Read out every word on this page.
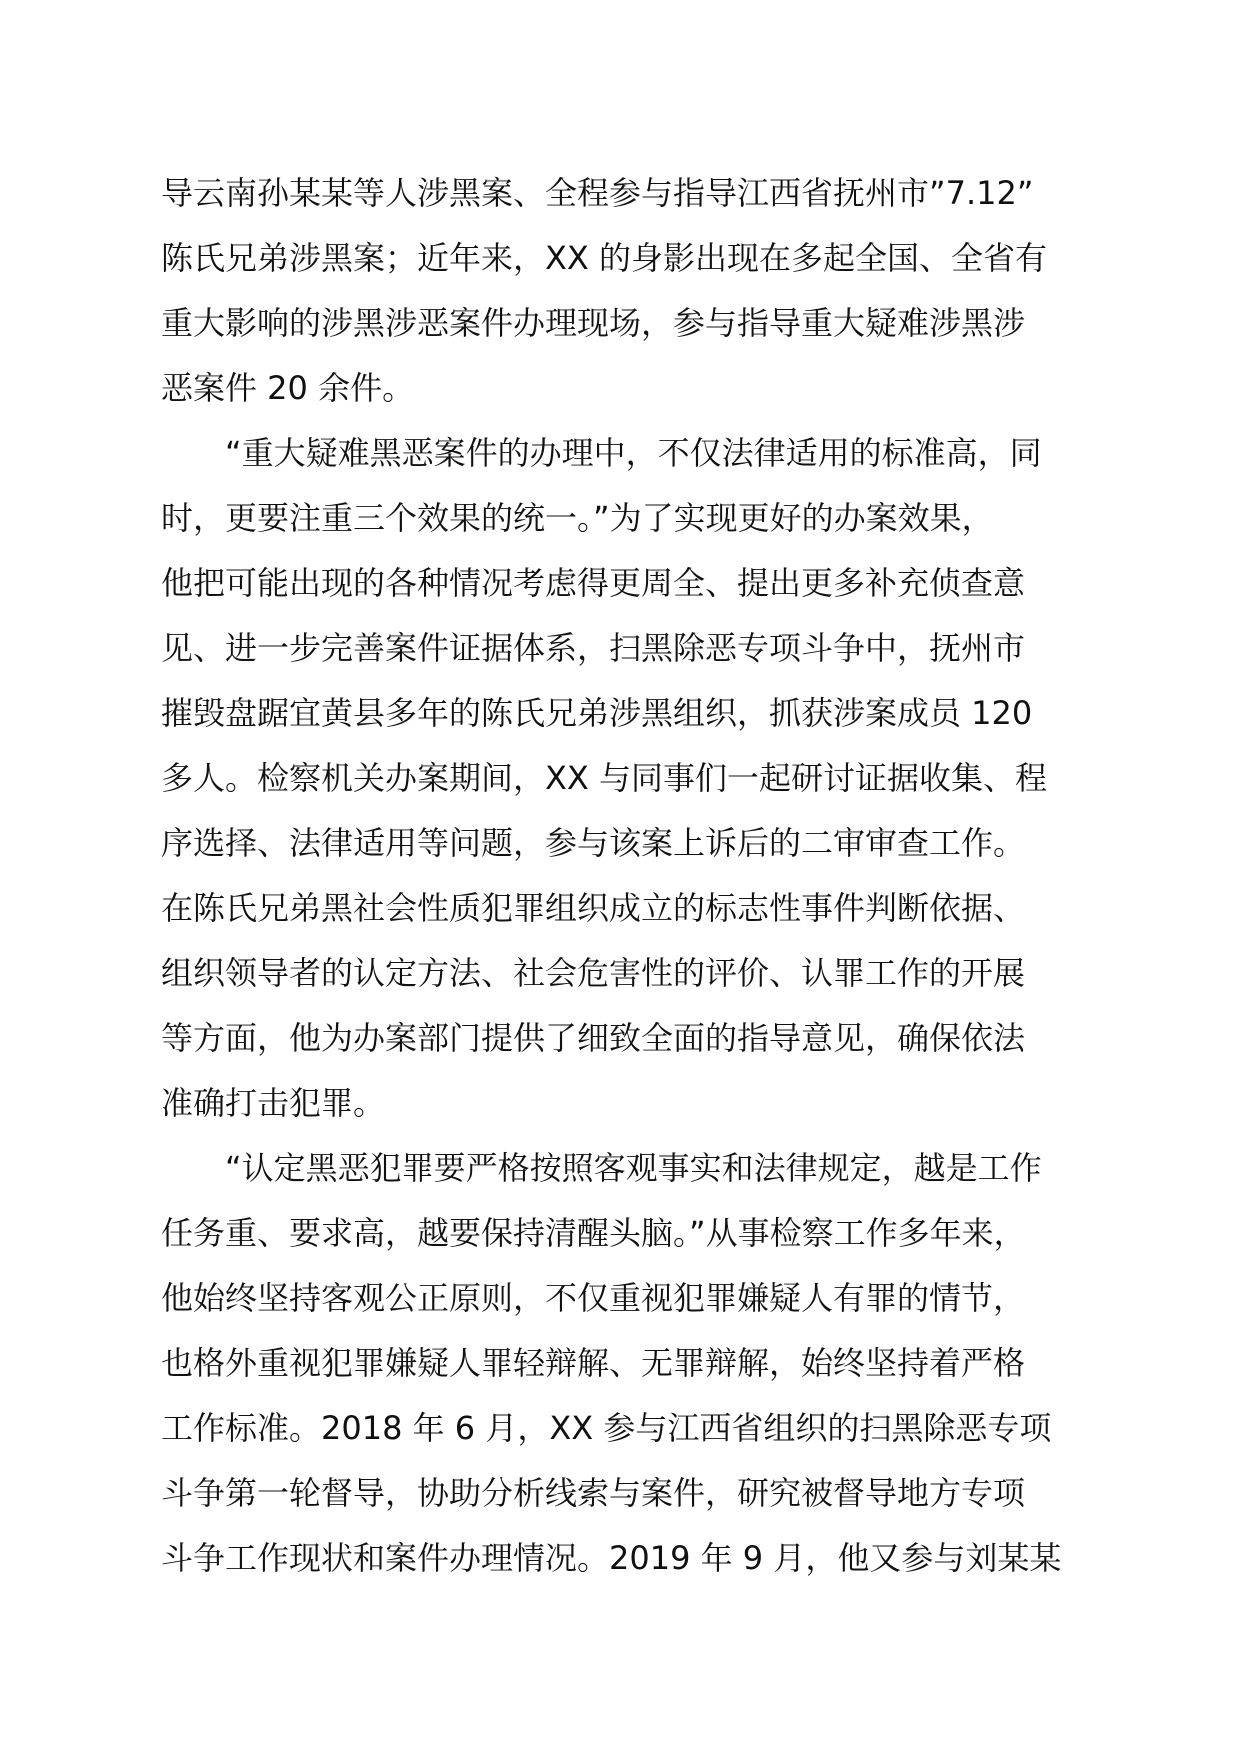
导云南孙某某等人涉黑案、全程参与指导江西省抚州市”7.12”
陈氏兄弟涉黑案；近年来，XX 的身影出现在多起全国、全省有
重大影响的涉黑涉恶案件办理现场，参与指导重大疑难涉黑涉
恶案件 20 余件。
“重大疑难黑恶案件的办理中，不仅法律适用的标准高，同
时，更要注重三个效果的统一。”为了实现更好的办案效果，
他把可能出现的各种情况考虑得更周全、提出更多补充侦查意
见、进一步完善案件证据体系，扫黑除恶专项斗争中，抚州市
摧毁盘踞宜黄县多年的陈氏兄弟涉黑组织，抓获涉案成员 120
多人。检察机关办案期间，XX 与同事们一起研讨证据收集、程
序选择、法律适用等问题，参与该案上诉后的二审审查工作。
在陈氏兄弟黑社会性质犯罪组织成立的标志性事件判断依据、
组织领导者的认定方法、社会危害性的评价、认罪工作的开展
等方面，他为办案部门提供了细致全面的指导意见，确保依法
准确打击犯罪。
“认定黑恶犯罪要严格按照客观事实和法律规定，越是工作
任务重、要求高，越要保持清醒头脑。”从事检察工作多年来，
他始终坚持客观公正原则，不仅重视犯罪嫌疑人有罪的情节，
也格外重视犯罪嫌疑人罪轻辩解、无罪辩解，始终坚持着严格
工作标准。2018 年 6 月，XX 参与江西省组织的扫黑除恶专项
斗争第一轮督导，协助分析线索与案件，研究被督导地方专项
斗争工作现状和案件办理情况。2019 年 9 月，他又参与刘某某
